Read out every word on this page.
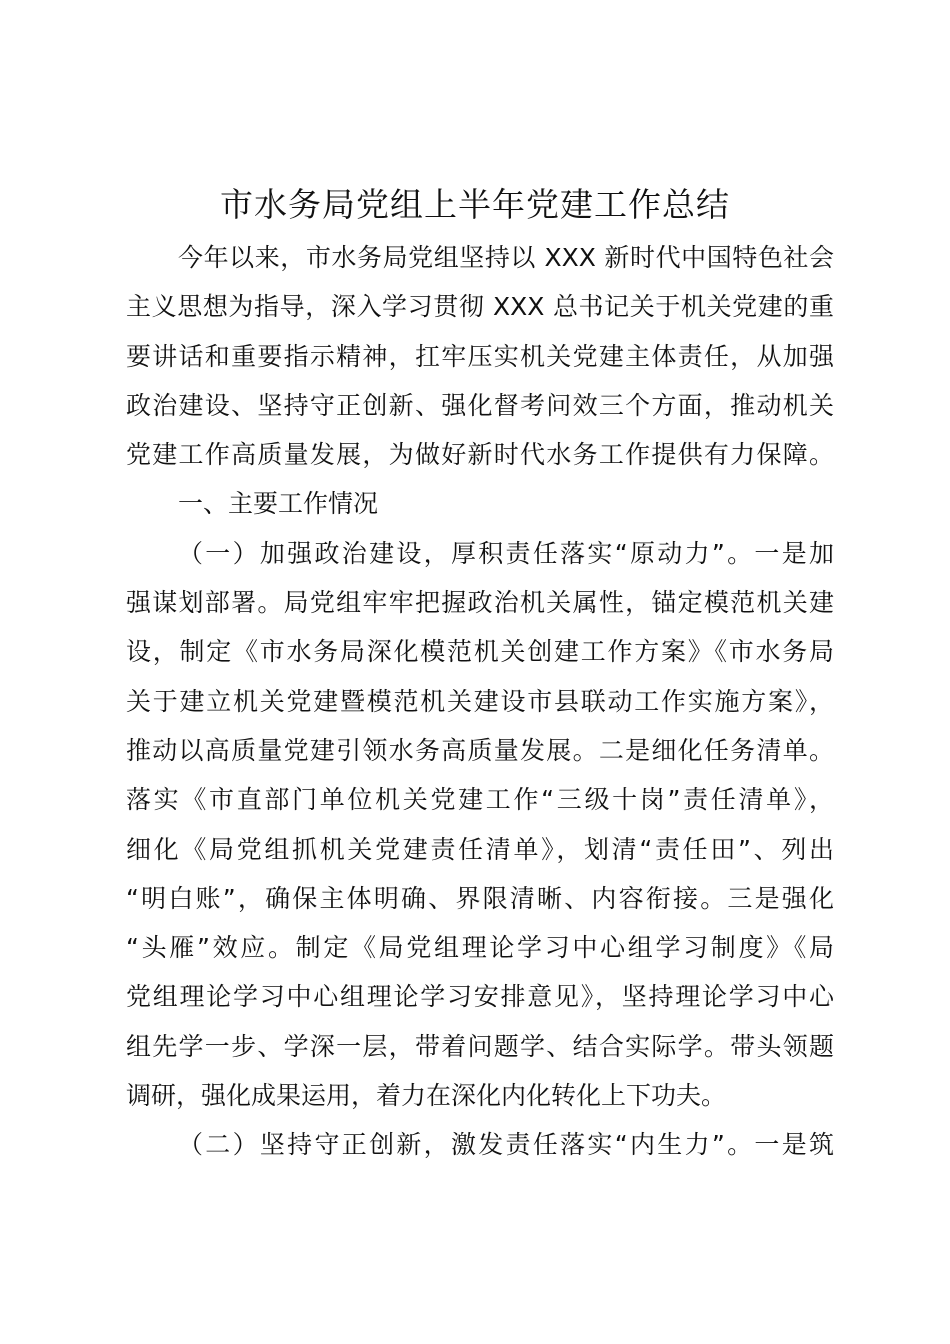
市水务局党组上半年党建工作总结
今年以来，市水务局党组坚持以 XXX 新时代中国特色社会
主义思想为指导，深入学习贯彻 XXX 总书记关于机关党建的重
要讲话和重要指示精神，扛牢压实机关党建主体责任，从加强
政治建设、坚持守正创新、强化督考问效三个方面，推动机关
党建工作高质量发展，为做好新时代水务工作提供有力保障。
一、主要工作情况
（一）加强政治建设，厚积责任落实“原动力”。一是加
强谋划部署。局党组牢牢把握政治机关属性，锚定模范机关建
设，制定《市水务局深化模范机关创建工作方案》《市水务局
关于建立机关党建暨模范机关建设市县联动工作实施方案》，
推动以高质量党建引领水务高质量发展。二是细化任务清单。
落实《市直部门单位机关党建工作“三级十岗”责任清单》，
细化《局党组抓机关党建责任清单》，划清“责任田”、列出
“明白账”，确保主体明确、界限清晰、内容衔接。三是强化
“头雁”效应。制定《局党组理论学习中心组学习制度》《局
党组理论学习中心组理论学习安排意见》，坚持理论学习中心
组先学一步、学深一层，带着问题学、结合实际学。带头领题
调研，强化成果运用，着力在深化内化转化上下功夫。
（二）坚持守正创新，激发责任落实“内生力”。一是筑
